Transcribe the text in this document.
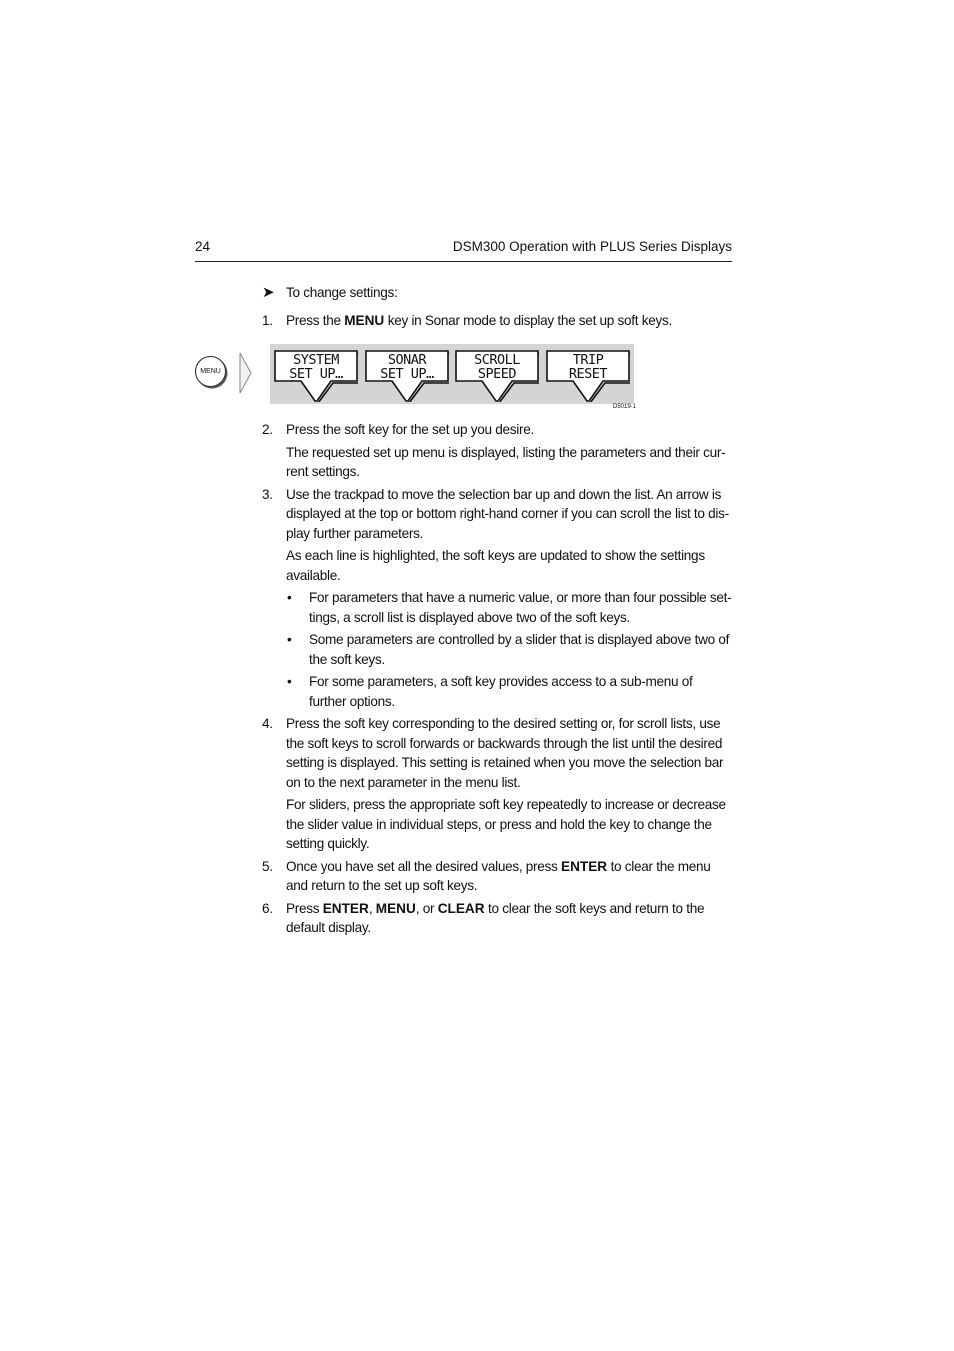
24	DSM300 Operation with PLUS Series Displays
MENU
SYSTEM
SET UP…
SONAR
SET UP…
SCROLL
SPEED
TRIP
RESET
D5019-1

➤ To change settings:

1. Press the MENU key in Sonar mode to display the set up soft keys.

2. Press the soft key for the set up you desire.

The requested set up menu is displayed, listing the parameters and their cur-rent settings.

3. Use the trackpad to move the selection bar up and down the list. An arrow is displayed at the top or bottom right-hand corner if you can scroll the list to dis-play further parameters.

As each line is highlighted, the soft keys are updated to show the settings available.

• For parameters that have a numeric value, or more than four possible set-tings, a scroll list is displayed above two of the soft keys.
• Some parameters are controlled by a slider that is displayed above two of the soft keys.
• For some parameters, a soft key provides access to a sub-menu of further options.
4. Press the soft key corresponding to the desired setting or, for scroll lists, use the soft keys to scroll forwards or backwards through the list until the desired setting is displayed. This setting is retained when you move the selection bar on to the next parameter in the menu list.

For sliders, press the appropriate soft key repeatedly to increase or decrease the slider value in individual steps, or press and hold the key to change the setting quickly.

5. Once you have set all the desired values, press ENTER to clear the menu and return to the set up soft keys.

6. Press ENTER, MENU, or CLEAR to clear the soft keys and return to the default display.
